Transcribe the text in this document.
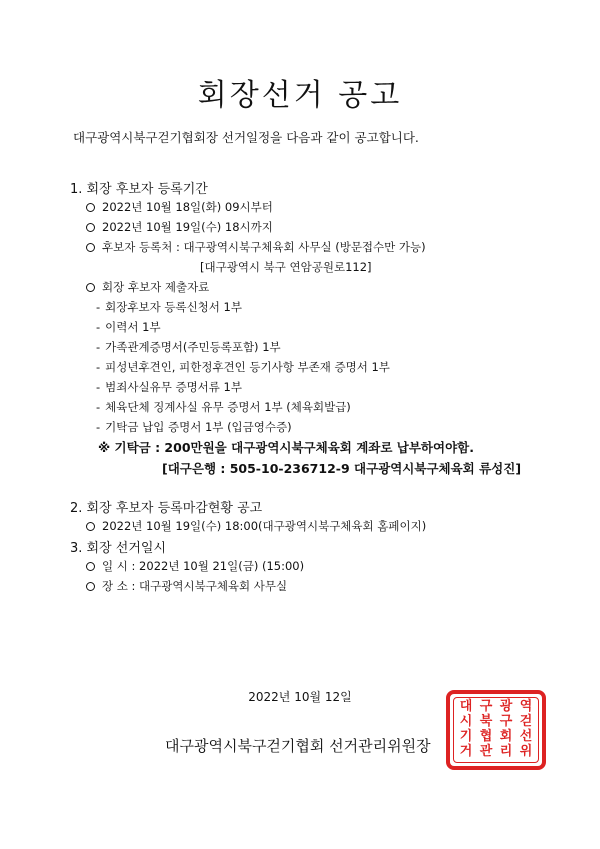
회장선거 공고
대구광역시북구걷기협회장 선거일정을 다음과 같이 공고합니다.
1. 회장 후보자 등록기간
2022년 10월 18일(화) 09시부터
2022년 10월 19일(수) 18시까지
후보자 등록처 : 대구광역시북구체육회 사무실 (방문접수만 가능)
[대구광역시 북구 연암공원로112]
회장 후보자 제출자료
- 회장후보자 등록신청서 1부
- 이력서 1부
- 가족관계증명서(주민등록포함) 1부
- 피성년후견인, 피한정후견인 등기사항 부존재 증명서 1부
- 범죄사실유무 증명서류 1부
- 체육단체 징계사실 유무 증명서 1부 (체육회발급)
- 기탁금 납입 증명서 1부 (입금영수증)
※ 기탁금 : 200만원을 대구광역시북구체육회 계좌로 납부하여야함.
[대구은행 : 505-10-236712-9 대구광역시북구체육회 류성진]
2. 회장 후보자 등록마감현황 공고
2022년 10월 19일(수) 18:00(대구광역시북구체육회 홈페이지)
3. 회장 선거일시
일 시 : 2022년 10월 21일(금) (15:00)
장 소 : 대구광역시북구체육회 사무실
2022년 10월 12일
대구광역시북구걷기협회 선거관리위원장
대 구 광 역
시 북 구 걷
기 협 회 선
거 관 리 위
